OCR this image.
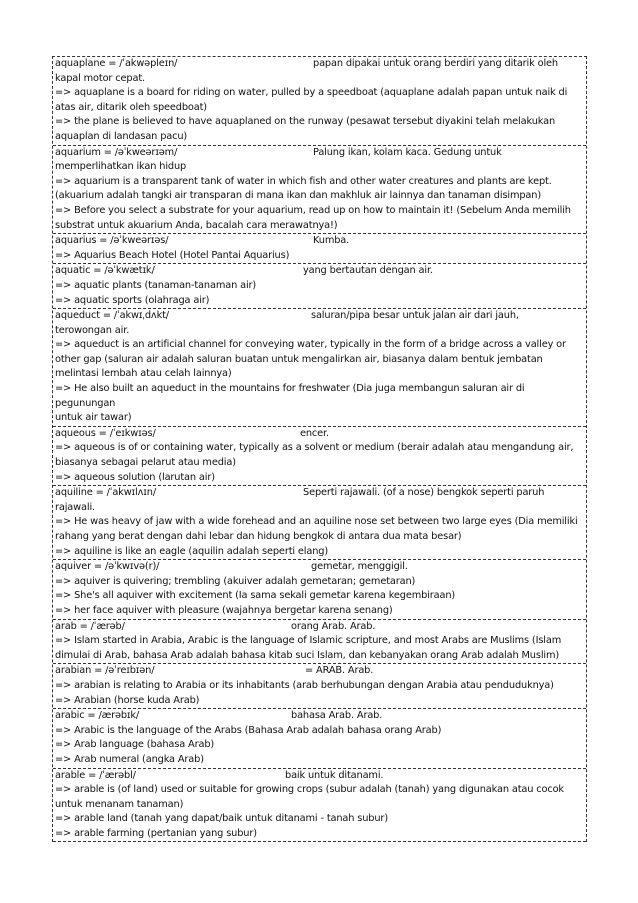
aquaplane = /ˈakwəpleɪn/	papan dipakai untuk orang berdiri yang ditarik oleh
kapal motor cepat.
=> aquaplane is a board for riding on water, pulled by a speedboat (aquaplane adalah papan untuk naik di
atas air, ditarik oleh speedboat)
=> the plane is believed to have aquaplaned on the runway (pesawat tersebut diyakini telah melakukan
aquaplan di landasan pacu)
aquarium = /əˈkweərɪəm/	Palung ikan, kolam kaca. Gedung untuk
memperlihatkan ikan hidup
=> aquarium is a transparent tank of water in which fish and other water creatures and plants are kept.
(akuarium adalah tangki air transparan di mana ikan dan makhluk air lainnya dan tanaman disimpan)
=> Before you select a substrate for your aquarium, read up on how to maintain it! (Sebelum Anda memilih
substrat untuk akuarium Anda, bacalah cara merawatnya!)
aquarius = /əˈkweərɪəs/	Kumba.
=> Aquarius Beach Hotel (Hotel Pantai Aquarius)
aquatic = /əˈkwætɪk/	yang bertautan dengan air.
=> aquatic plants (tanaman-tanaman air)
=> aquatic sports (olahraga air)
aqueduct = /ˈakwɪˌdʌkt/	saluran/pipa besar untuk jalan air dari jauh,
terowongan air.
=> aqueduct is an artificial channel for conveying water, typically in the form of a bridge across a valley or
other gap (saluran air adalah saluran buatan untuk mengalirkan air, biasanya dalam bentuk jembatan
melintasi lembah atau celah lainnya)
=> He also built an aqueduct in the mountains for freshwater (Dia juga membangun saluran air di
pegunungan
untuk air tawar)
aqueous = /ˈeɪkwɪəs/	encer.
=> aqueous is of or containing water, typically as a solvent or medium (berair adalah atau mengandung air,
biasanya sebagai pelarut atau media)
=> aqueous solution (larutan air)
aquiline = /ˈakwɪlʌɪn/	Seperti rajawali. (of a nose) bengkok seperti paruh
rajawali.
=> He was heavy of jaw with a wide forehead and an aquiline nose set between two large eyes (Dia memiliki
rahang yang berat dengan dahi lebar dan hidung bengkok di antara dua mata besar)
=> aquiline is like an eagle (aquilin adalah seperti elang)
aquiver = /əˈkwɪvə(r)/	gemetar, menggigil.
=> aquiver is quivering; trembling (akuiver adalah gemetaran; gemetaran)
=> She's all aquiver with excitement (Ia sama sekali gemetar karena kegembiraan)
=> her face aquiver with pleasure (wajahnya bergetar karena senang)
arab = /ˈærəb/	orang Arab. Arab.
=> Islam started in Arabia, Arabic is the language of Islamic scripture, and most Arabs are Muslims (Islam
dimulai di Arab, bahasa Arab adalah bahasa kitab suci Islam, dan kebanyakan orang Arab adalah Muslim)
arabian = /əˈreɪbɪən/	= ARAB. Arab.
=> arabian is relating to Arabia or its inhabitants (arab berhubungan dengan Arabia atau penduduknya)
=> Arabian (horse kuda Arab)
arabic = /ærəbɪk/	bahasa Arab. Arab.
=> Arabic is the language of the Arabs (Bahasa Arab adalah bahasa orang Arab)
=> Arab language (bahasa Arab)
=> Arab numeral (angka Arab)
arable = /ˈærəbl/	baik untuk ditanami.
=> arable is (of land) used or suitable for growing crops (subur adalah (tanah) yang digunakan atau cocok
untuk menanam tanaman)
=> arable land (tanah yang dapat/baik untuk ditanami - tanah subur)
=> arable farming (pertanian yang subur)
